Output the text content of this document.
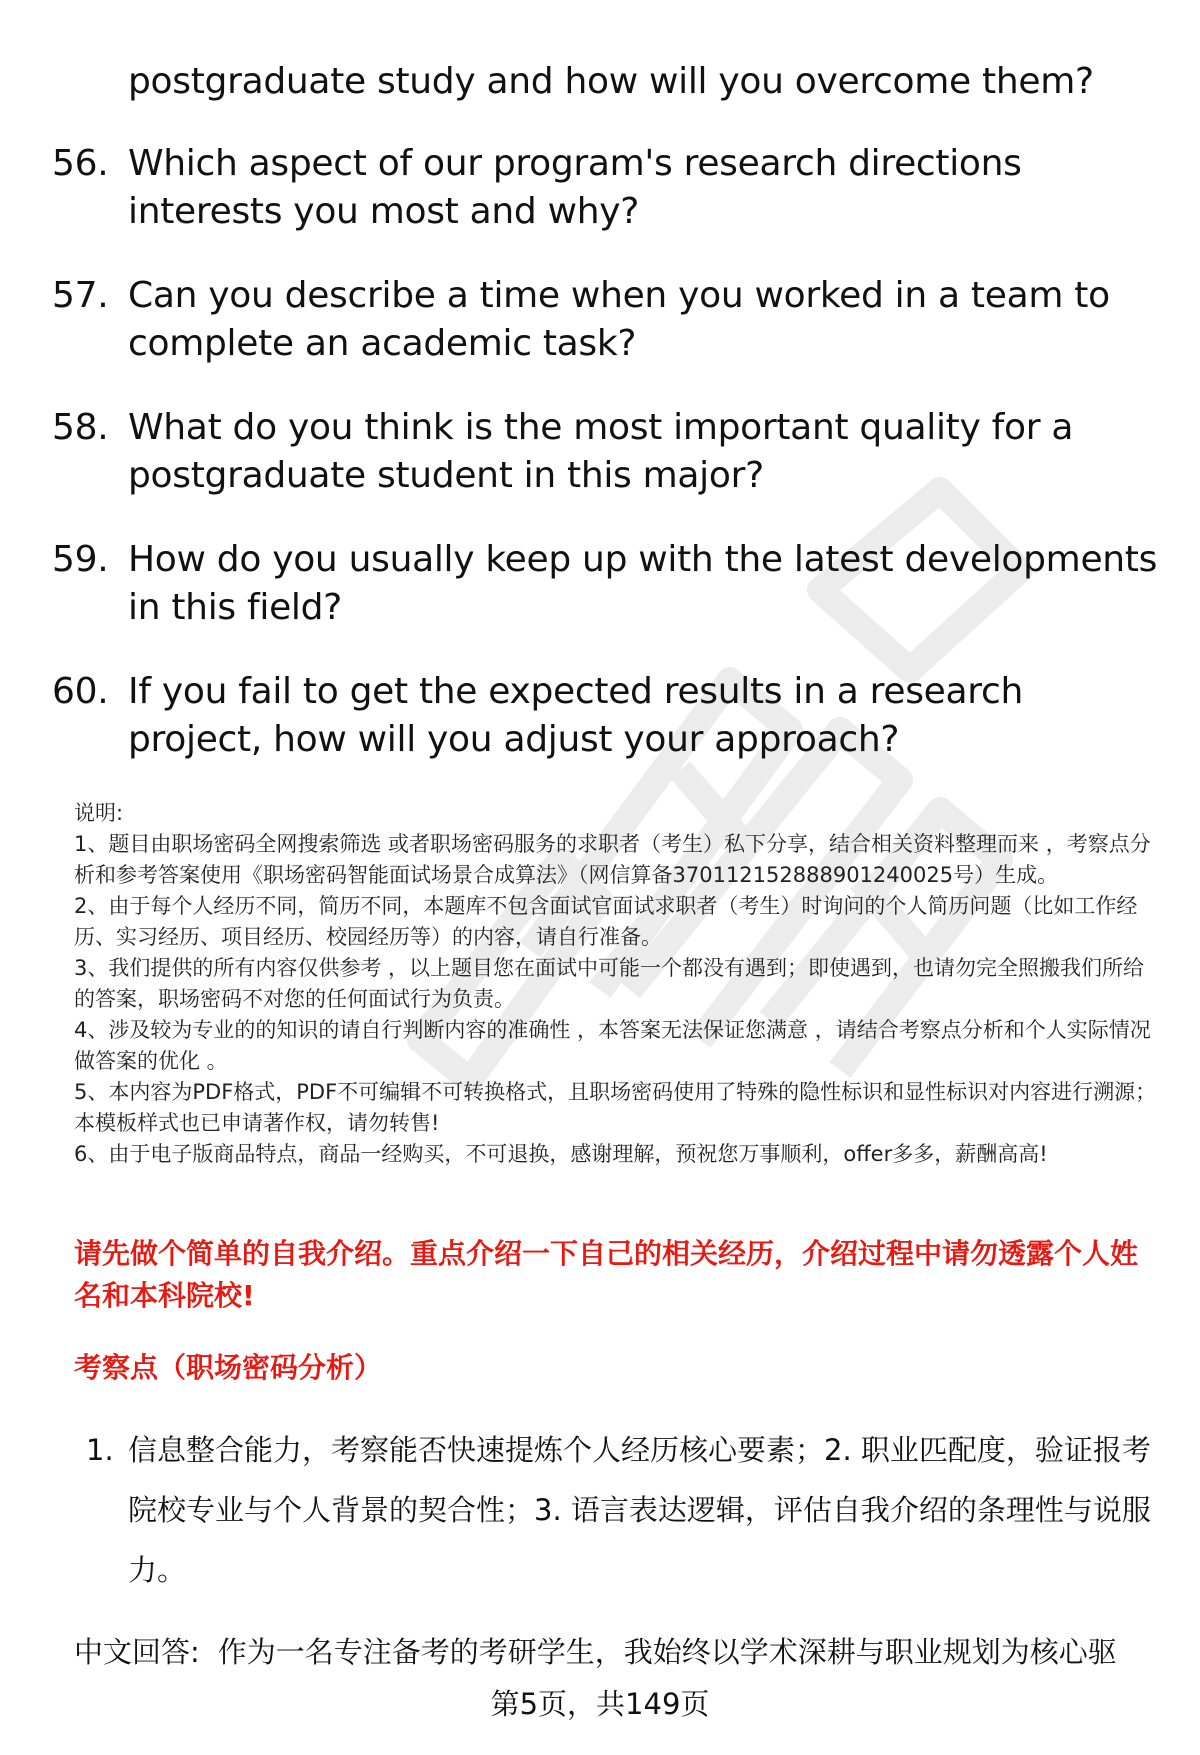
postgraduate study and how will you overcome them?
56. Which aspect of our program's research directions interests you most and why?
57. Can you describe a time when you worked in a team to complete an academic task?
58. What do you think is the most important quality for a postgraduate student in this major?
59. How do you usually keep up with the latest developments in this field?
60. If you fail to get the expected results in a research project, how will you adjust your approach?

说明:

1、题目由职场密码全网搜索筛选 或者职场密码服务的求职者（考生）私下分享，结合相关资料整理而来 ，考察点分析和参考答案使用《职场密码智能面试场景合成算法》（网信算备370112152888901240025号）生成。

2、由于每个人经历不同，简历不同，本题库不包含面试官面试求职者（考生）时询问的个人简历问题（比如工作经历、实习经历、项目经历、校园经历等）的内容，请自行准备。

3、我们提供的所有内容仅供参考 ，以上题目您在面试中可能一个都没有遇到；即使遇到，也请勿完全照搬我们所给的答案，职场密码不对您的任何面试行为负责。

4、涉及较为专业的的知识的请自行判断内容的准确性 ，本答案无法保证您满意 ，请结合考察点分析和个人实际情况做答案的优化 。

5、本内容为PDF格式，PDF不可编辑不可转换格式，且职场密码使用了特殊的隐性标识和显性标识对内容进行溯源；本模板样式也已申请著作权，请勿转售!

6、由于电子版商品特点，商品一经购买，不可退换，感谢理解，预祝您万事顺利，offer多多，薪酬高高!

请先做个简单的自我介绍。重点介绍一下自己的相关经历，介绍过程中请勿透露个人姓名和本科院校!
考察点（职场密码分析）
1. 信息整合能力，考察能否快速提炼个人经历核心要素；2. 职业匹配度，验证报考院校专业与个人背景的契合性；3. 语言表达逻辑，评估自我介绍的条理性与说服力。
中文回答: 作为一名专注备考的考研学生，我始终以学术深耕与职业规划为核心驱
第5页，共149页
